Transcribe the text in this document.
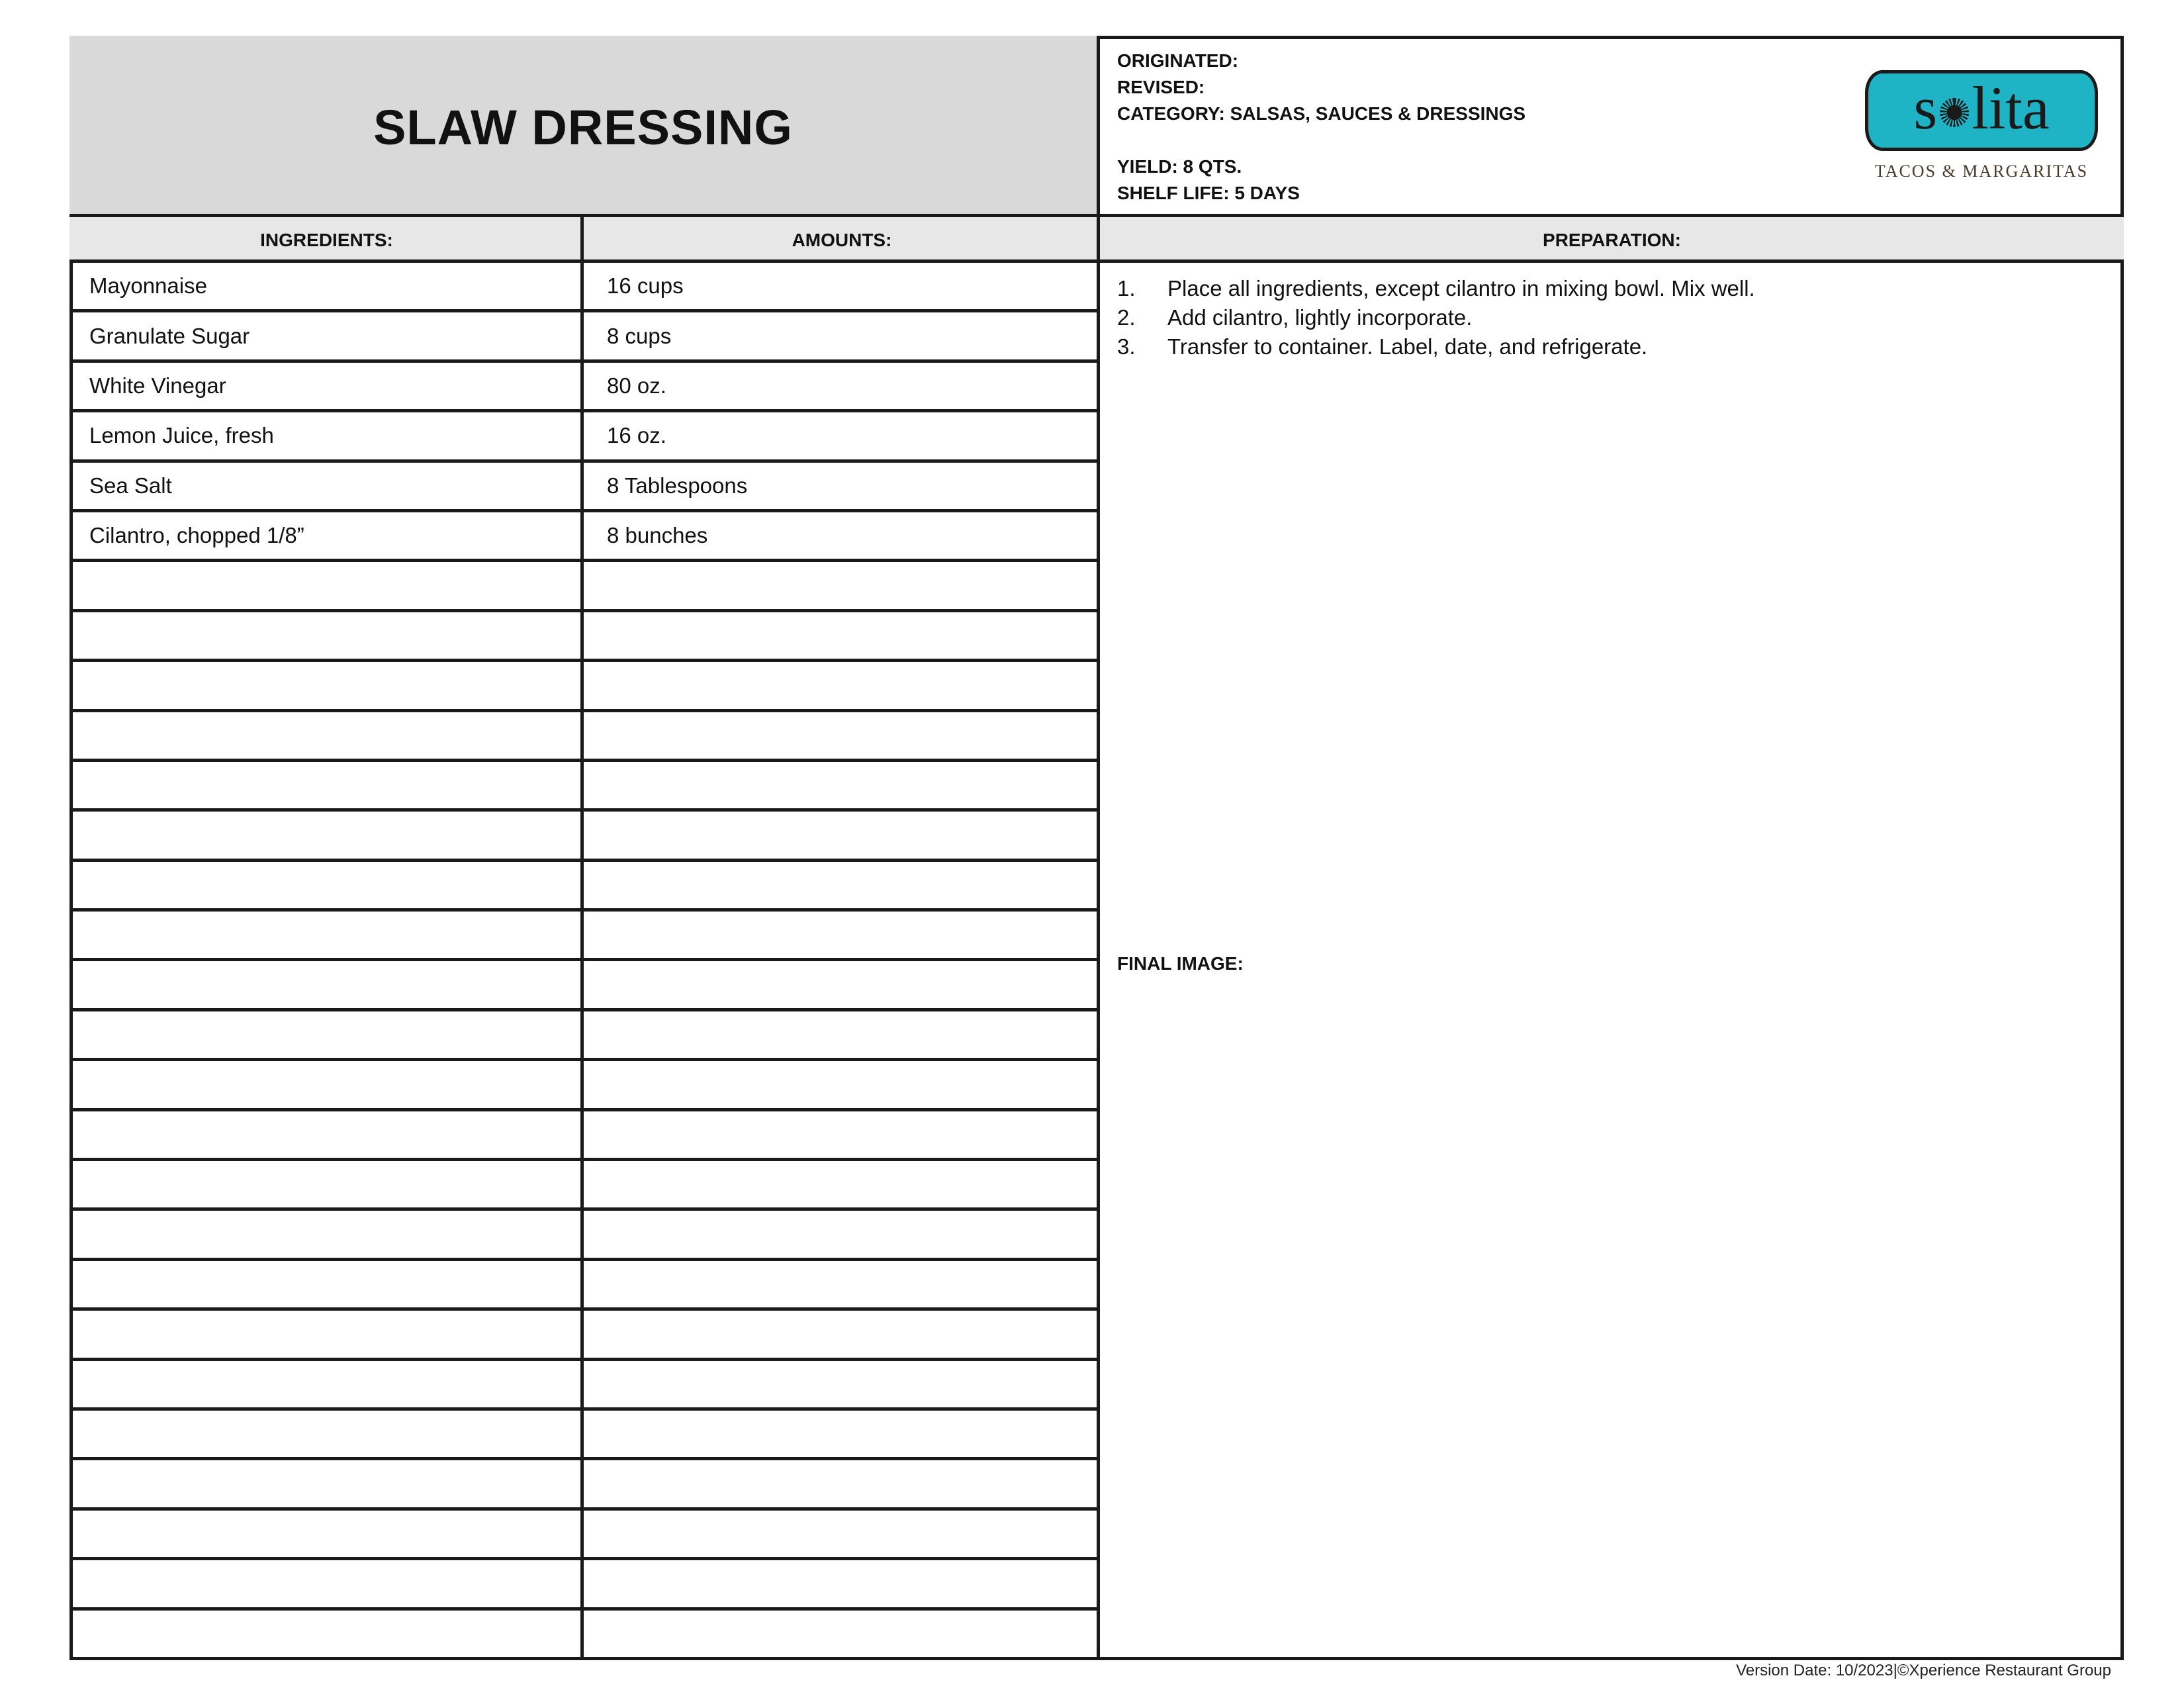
SLAW DRESSING
ORIGINATED:
REVISED:
CATEGORY: SALSAS, SAUCES & DRESSINGS
YIELD: 8 QTS.
SHELF LIFE: 5 DAYS
s lita
TACOS & MARGARITAS
INGREDIENTS:	AMOUNTS:	PREPARATION:
Mayonnaise	16 cups
Granulate Sugar	8 cups
White Vinegar	80 oz.
Lemon Juice, fresh	16 oz.
Sea Salt	8 Tablespoons
Cilantro, chopped 1/8”	8 bunches
1.	Place all ingredients, except cilantro in mixing bowl. Mix well.
2.	Add cilantro, lightly incorporate.
3.	Transfer to container. Label, date, and refrigerate.
FINAL IMAGE:
Version Date: 10/2023|©Xperience Restaurant Group
